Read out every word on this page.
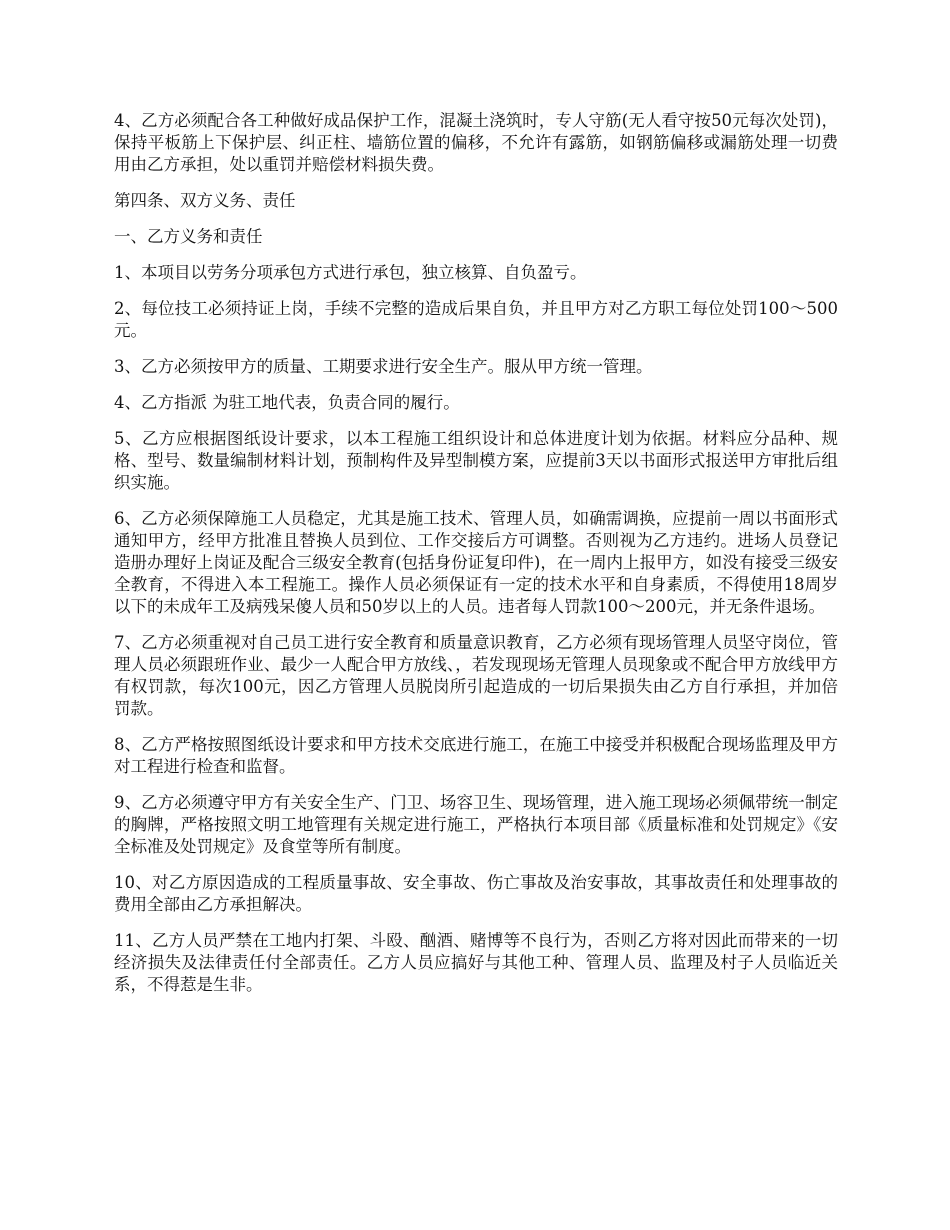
4、乙方必须配合各工种做好成品保护工作，混凝土浇筑时，专人守筋(无人看守按50元每次处罚)，保持平板筋上下保护层、纠正柱、墙筋位置的偏移，不允许有露筋，如钢筋偏移或漏筋处理一切费用由乙方承担，处以重罚并赔偿材料损失费。

第四条、双方义务、责任

一、乙方义务和责任

1、本项目以劳务分项承包方式进行承包，独立核算、自负盈亏。

2、每位技工必须持证上岗，手续不完整的造成后果自负，并且甲方对乙方职工每位处罚100～500元。

3、乙方必须按甲方的质量、工期要求进行安全生产。服从甲方统一管理。

4、乙方指派 为驻工地代表，负责合同的履行。

5、乙方应根据图纸设计要求，以本工程施工组织设计和总体进度计划为依据。材料应分品种、规格、型号、数量编制材料计划，预制构件及异型制模方案，应提前3天以书面形式报送甲方审批后组织实施。

6、乙方必须保障施工人员稳定，尤其是施工技术、管理人员，如确需调换，应提前一周以书面形式通知甲方，经甲方批准且替换人员到位、工作交接后方可调整。否则视为乙方违约。进场人员登记造册办理好上岗证及配合三级安全教育(包括身份证复印件)，在一周内上报甲方，如没有接受三级安全教育，不得进入本工程施工。操作人员必须保证有一定的技术水平和自身素质，不得使用18周岁以下的未成年工及病残呆傻人员和50岁以上的人员。违者每人罚款100～200元，并无条件退场。

7、乙方必须重视对自己员工进行安全教育和质量意识教育，乙方必须有现场管理人员坚守岗位，管理人员必须跟班作业、最少一人配合甲方放线、，若发现现场无管理人员现象或不配合甲方放线甲方有权罚款，每次100元，因乙方管理人员脱岗所引起造成的一切后果损失由乙方自行承担，并加倍罚款。

8、乙方严格按照图纸设计要求和甲方技术交底进行施工，在施工中接受并积极配合现场监理及甲方对工程进行检查和监督。

9、乙方必须遵守甲方有关安全生产、门卫、场容卫生、现场管理，进入施工现场必须佩带统一制定的胸牌，严格按照文明工地管理有关规定进行施工，严格执行本项目部《质量标准和处罚规定》《安全标准及处罚规定》及食堂等所有制度。

10、对乙方原因造成的工程质量事故、安全事故、伤亡事故及治安事故，其事故责任和处理事故的费用全部由乙方承担解决。

11、乙方人员严禁在工地内打架、斗殴、酗酒、赌博等不良行为，否则乙方将对因此而带来的一切经济损失及法律责任付全部责任。乙方人员应搞好与其他工种、管理人员、监理及村子人员临近关系，不得惹是生非。
